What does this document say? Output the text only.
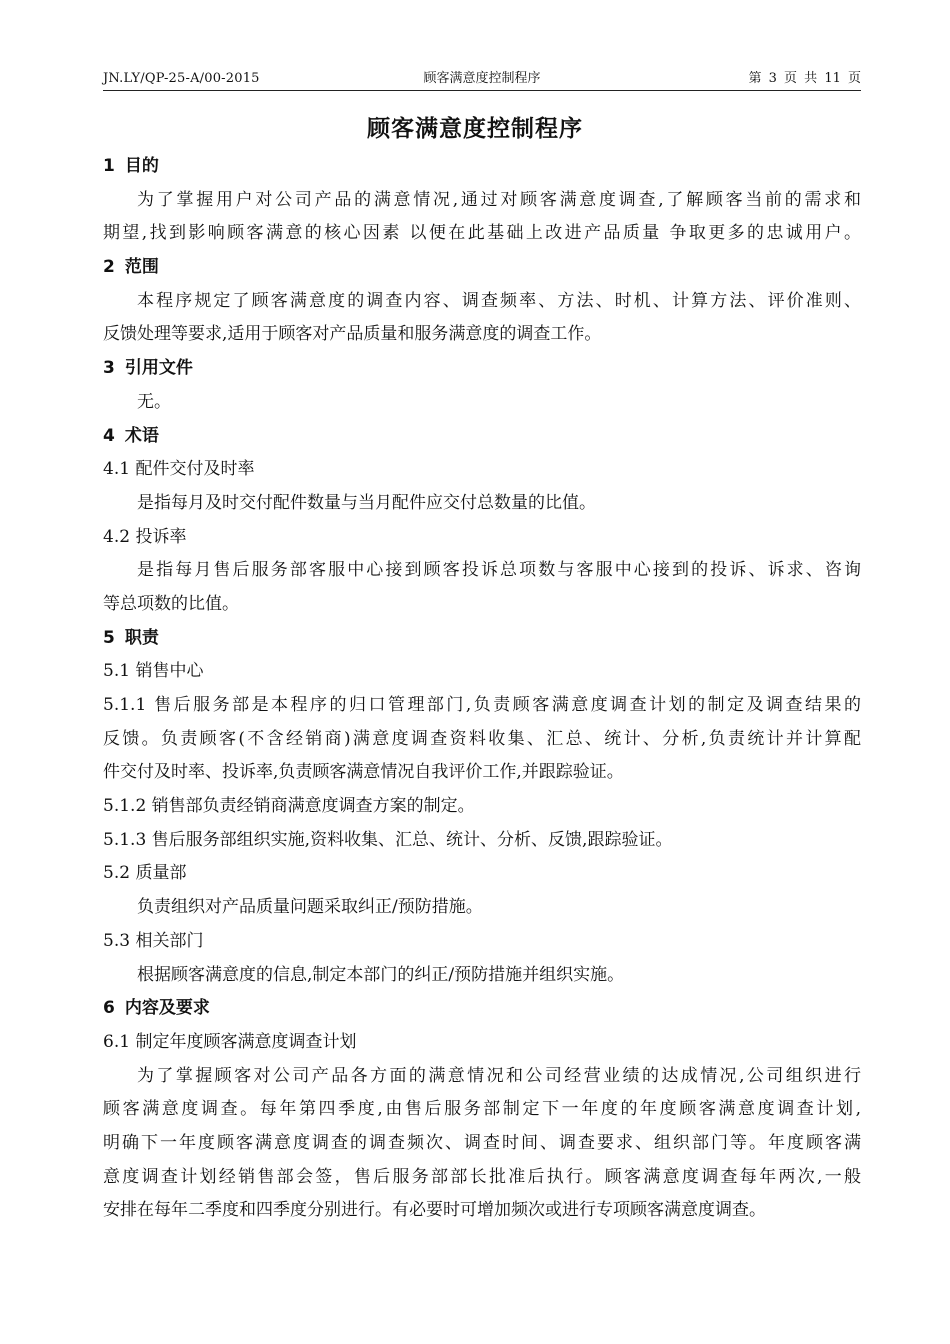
JN.LY/QP-25-A/00-2015	顾客满意度控制程序	第 3 页 共 11 页
顾客满意度控制程序
1 目的
为了掌握用户对公司产品的满意情况,通过对顾客满意度调查,了解顾客当前的需求和
期望,找到影响顾客满意的核心因素 以便在此基础上改进产品质量 争取更多的忠诚用户。
2 范围
本程序规定了顾客满意度的调查内容、调查频率、方法、时机、计算方法、评价准则、
反馈处理等要求,适用于顾客对产品质量和服务满意度的调查工作。
3 引用文件
无。
4 术语
4.1 配件交付及时率
是指每月及时交付配件数量与当月配件应交付总数量的比值。
4.2 投诉率
是指每月售后服务部客服中心接到顾客投诉总项数与客服中心接到的投诉、诉求、咨询
等总项数的比值。
5 职责
5.1 销售中心
5.1.1 售后服务部是本程序的归口管理部门,负责顾客满意度调查计划的制定及调查结果的
反馈。负责顾客(不含经销商)满意度调查资料收集、汇总、统计、分析,负责统计并计算配
件交付及时率、投诉率,负责顾客满意情况自我评价工作,并跟踪验证。
5.1.2 销售部负责经销商满意度调查方案的制定。
5.1.3 售后服务部组织实施,资料收集、汇总、统计、分析、反馈,跟踪验证。
5.2 质量部
负责组织对产品质量问题采取纠正/预防措施。
5.3 相关部门
根据顾客满意度的信息,制定本部门的纠正/预防措施并组织实施。
6 内容及要求
6.1 制定年度顾客满意度调查计划
为了掌握顾客对公司产品各方面的满意情况和公司经营业绩的达成情况,公司组织进行
顾客满意度调查。每年第四季度,由售后服务部制定下一年度的年度顾客满意度调查计划,
明确下一年度顾客满意度调查的调查频次、调查时间、调查要求、组织部门等。年度顾客满
意度调查计划经销售部会签，售后服务部部长批准后执行。顾客满意度调查每年两次,一般
安排在每年二季度和四季度分别进行。有必要时可增加频次或进行专项顾客满意度调查。
